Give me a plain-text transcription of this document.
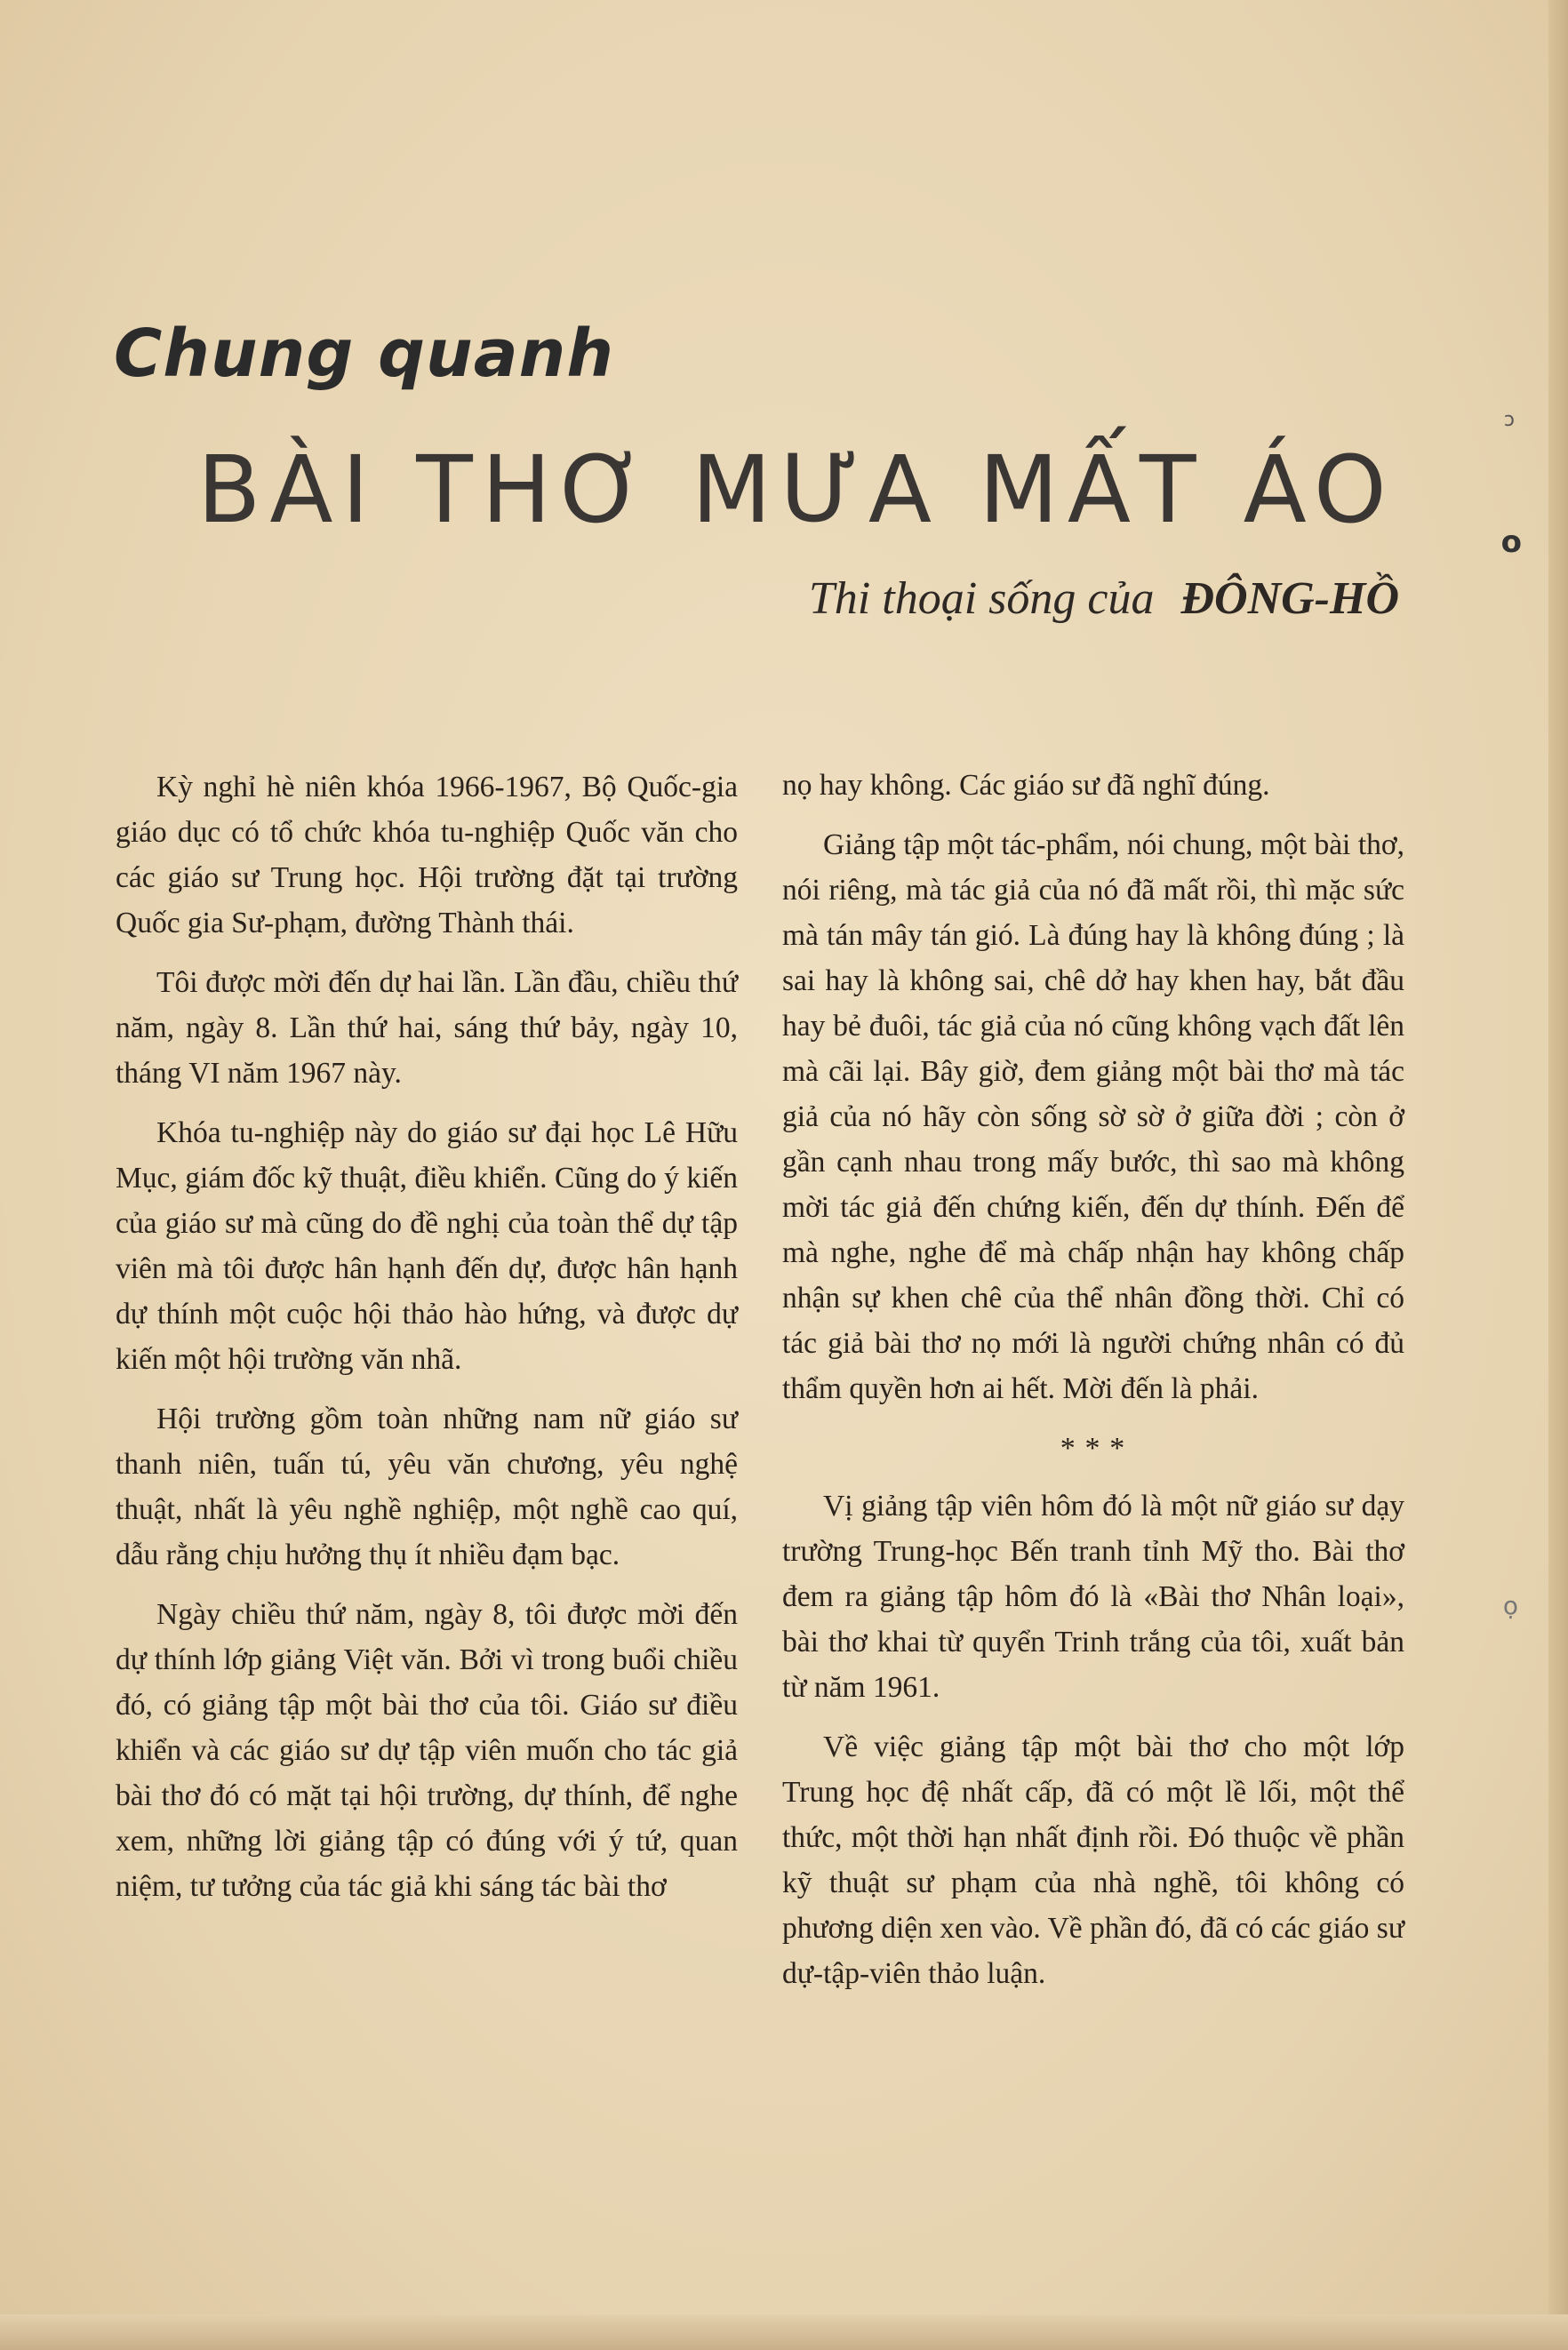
Chung quanh
BÀI THƠ MƯA MẤT ÁO
Thi thoại sống của ĐÔNG-HỒ

Kỳ nghỉ hè niên khóa 1966-1967, Bộ Quốc-gia giáo dục có tổ chức khóa tu-nghiệp Quốc văn cho các giáo sư Trung học. Hội trường đặt tại trường Quốc gia Sư-phạm, đường Thành thái.

Tôi được mời đến dự hai lần. Lần đầu, chiều thứ năm, ngày 8. Lần thứ hai, sáng thứ bảy, ngày 10, tháng VI năm 1967 này.

Khóa tu-nghiệp này do giáo sư đại học Lê Hữu Mục, giám đốc kỹ thuật, điều khiển. Cũng do ý kiến của giáo sư mà cũng do đề nghị của toàn thể dự tập viên mà tôi được hân hạnh đến dự, được hân hạnh dự thính một cuộc hội thảo hào hứng, và được dự kiến một hội trường văn nhã.

Hội trường gồm toàn những nam nữ giáo sư thanh niên, tuấn tú, yêu văn chương, yêu nghệ thuật, nhất là yêu nghề nghiệp, một nghề cao quí, dẫu rằng chịu hưởng thụ ít nhiều đạm bạc.

Ngày chiều thứ năm, ngày 8, tôi được mời đến dự thính lớp giảng Việt văn. Bởi vì trong buổi chiều đó, có giảng tập một bài thơ của tôi. Giáo sư điều khiển và các giáo sư dự tập viên muốn cho tác giả bài thơ đó có mặt tại hội trường, dự thính, để nghe xem, những lời giảng tập có đúng với ý tứ, quan niệm, tư tưởng của tác giả khi sáng tác bài thơ

nọ hay không. Các giáo sư đã nghĩ đúng.

Giảng tập một tác-phẩm, nói chung, một bài thơ, nói riêng, mà tác giả của nó đã mất rồi, thì mặc sức mà tán mây tán gió. Là đúng hay là không đúng ; là sai hay là không sai, chê dở hay khen hay, bắt đầu hay bẻ đuôi, tác giả của nó cũng không vạch đất lên mà cãi lại. Bây giờ, đem giảng một bài thơ mà tác giả của nó hãy còn sống sờ sờ ở giữa đời ; còn ở gần cạnh nhau trong mấy bước, thì sao mà không mời tác giả đến chứng kiến, đến dự thính. Đến để mà nghe, nghe để mà chấp nhận hay không chấp nhận sự khen chê của thể nhân đồng thời. Chỉ có tác giả bài thơ nọ mới là người chứng nhân có đủ thẩm quyền hơn ai hết. Mời đến là phải.

* * *

Vị giảng tập viên hôm đó là một nữ giáo sư dạy trường Trung-học Bến tranh tỉnh Mỹ tho. Bài thơ đem ra giảng tập hôm đó là «Bài thơ Nhân loại», bài thơ khai từ quyển Trinh trắng của tôi, xuất bản từ năm 1961.

Về việc giảng tập một bài thơ cho một lớp Trung học đệ nhất cấp, đã có một lề lối, một thể thức, một thời hạn nhất định rồi. Đó thuộc về phần kỹ thuật sư phạm của nhà nghề, tôi không có phương diện xen vào. Về phần đó, đã có các giáo sư dự-tập-viên thảo luận.

ɔ
o
ọ
